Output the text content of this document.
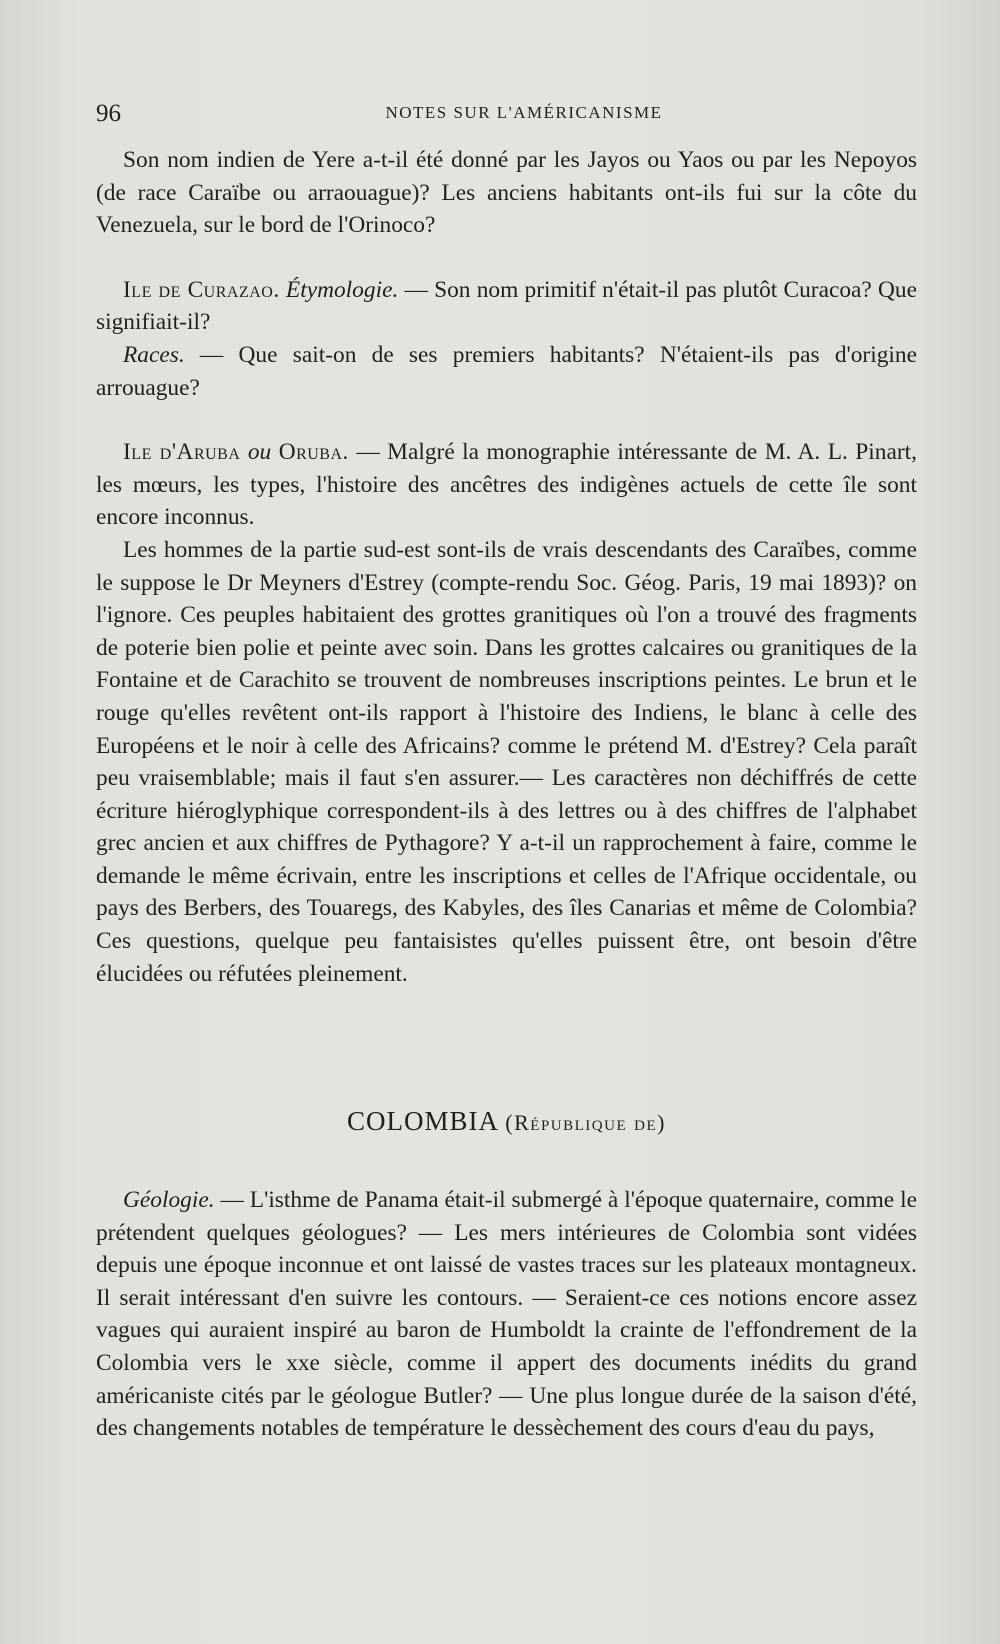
96	NOTES SUR L'AMÉRICANISME

Son nom indien de Yere a-t-il été donné par les Jayos ou Yaos ou par les Nepoyos (de race Caraïbe ou arraouague)? Les anciens habitants ont-ils fui sur la côte du Venezuela, sur le bord de l'Orinoco?

Ile de Curazao. Étymologie. — Son nom primitif n'était-il pas plutôt Curacoa? Que signifiait-il?

Races. — Que sait-on de ses premiers habitants? N'étaient-ils pas d'origine arrouague?

Ile d'Aruba ou Oruba. — Malgré la monographie intéressante de M. A. L. Pinart, les mœurs, les types, l'histoire des ancêtres des indigènes actuels de cette île sont encore inconnus.

Les hommes de la partie sud-est sont-ils de vrais descendants des Caraïbes, comme le suppose le Dr Meyners d'Estrey (compte-rendu Soc. Géog. Paris, 19 mai 1893)? on l'ignore. Ces peuples habitaient des grottes granitiques où l'on a trouvé des fragments de poterie bien polie et peinte avec soin. Dans les grottes calcaires ou granitiques de la Fontaine et de Carachito se trouvent de nombreuses inscriptions peintes. Le brun et le rouge qu'elles revêtent ont-ils rapport à l'histoire des Indiens, le blanc à celle des Européens et le noir à celle des Africains? comme le prétend M. d'Estrey? Cela paraît peu vraisemblable; mais il faut s'en assurer.— Les caractères non déchiffrés de cette écriture hiéroglyphique correspondent-ils à des lettres ou à des chiffres de l'alphabet grec ancien et aux chiffres de Pythagore? Y a-t-il un rapprochement à faire, comme le demande le même écrivain, entre les inscriptions et celles de l'Afrique occidentale, ou pays des Berbers, des Touaregs, des Kabyles, des îles Canarias et même de Colombia? Ces questions, quelque peu fantaisistes qu'elles puissent être, ont besoin d'être élucidées ou réfutées pleinement.

COLOMBIA (République de)

Géologie. — L'isthme de Panama était-il submergé à l'époque quaternaire, comme le prétendent quelques géologues? — Les mers intérieures de Colombia sont vidées depuis une époque inconnue et ont laissé de vastes traces sur les plateaux montagneux. Il serait intéressant d'en suivre les contours. — Seraient-ce ces notions encore assez vagues qui auraient inspiré au baron de Humboldt la crainte de l'effondrement de la Colombia vers le xxe siècle, comme il appert des documents inédits du grand américaniste cités par le géologue Butler? — Une plus longue durée de la saison d'été, des changements notables de température le dessèchement des cours d'eau du pays,
